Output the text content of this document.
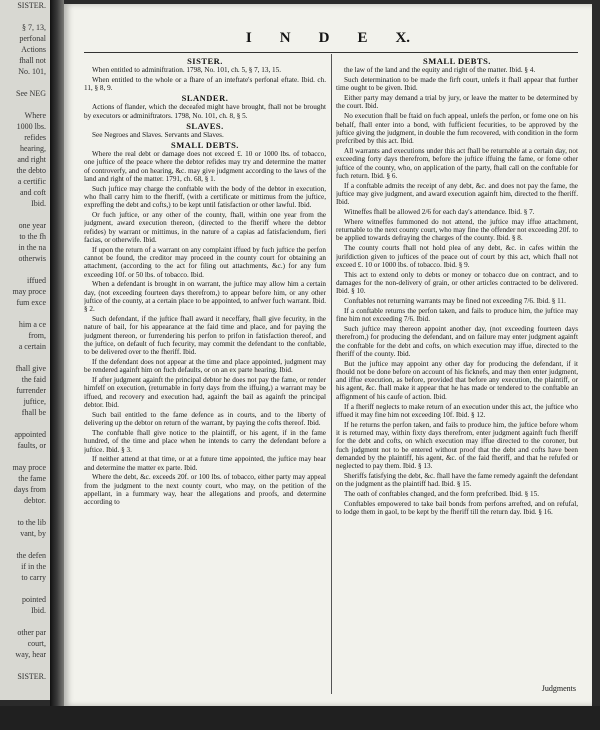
SISTER.

§ 7, 13,
perfonal
Actions
fhall not
No. 101,

See NEG

Where
1000 lbs.
refides
hearing,
and right
the debto
a certific
and coft
Ibid.

one year
to the fh
in the na
otherwis

iffued
may proce
fum exce

him a ce
from,
a certain

fhall give
the faid
furrender
juftice,
fhall be

appointed
faults, or

may proce
the fame
days from
debtor.

to the lib
vant, by

the defen
if in the
to carry

pointed
Ibid.

other par
court,
way, hear

SISTER.
I N D E X.
SISTER.

When entitled to adminiftration. 1798, No. 101, ch. 5, § 7, 13, 15.

When entitled to the whole or a fhare of an inteftate's perfonal eftate. Ibid. ch. 11, § 8, 9.

SLANDER.

Actions of flander, which the deceafed might have brought, fhall not be brought by executors or adminiftrators. 1798, No. 101, ch. 8, § 5.

SLAVES.

See Negroes and Slaves. Servants and Slaves.

SMALL DEBTS.

Where the real debt or damage does not exceed £. 10 or 1000 lbs. of tobacco, one juftice of the peace where the debtor refides may try and determine the matter of controverfy, and on hearing, &c. may give judgment according to the laws of the land and right of the matter. 1791, ch. 68, § 1.

Such juftice may charge the conftable with the body of the debtor in execution, who fhall carry him to the fheriff, (with a certificate or mittimus from the juftice, expreffing the debt and cofts,) to be kept until fatisfaction or other lawful. Ibid.

Or fuch juftice, or any other of the county, fhall, within one year from the judgment, award execution thereon, (directed to the fheriff where the debtor refides) by warrant or mittimus, in the nature of a capias ad fatisfaciendum, fieri facias, or otherwife. Ibid.

If upon the return of a warrant on any complaint iffued by fuch juftice the perfon cannot be found, the creditor may proceed in the county court for obtaining an attachment, (according to the act for filing out attachments, &c.) for any fum exceeding 10f. or 50 lbs. of tobacco. Ibid.

When a defendant is brought in on warrant, the juftice may allow him a certain day, (not exceeding fourteen days therefrom,) to appear before him, or any other juftice of the county, at a certain place to be appointed, to anfwer fuch warrant. Ibid. § 2.

Such defendant, if the juftice fhall award it neceffary, fhall give fecurity, in the nature of bail, for his appearance at the faid time and place, and for paying the judgment thereon, or furrendering his perfon to prifon in fatisfaction thereof, and the juftice, on default of fuch fecurity, may commit the defendant to the conftable, to be delivered over to the fheriff. Ibid.

If the defendant does not appear at the time and place appointed, judgment may be rendered againft him on fuch defaults, or on an ex parte hearing. Ibid.

If after judgment againft the principal debtor he does not pay the fame, or render himfelf on execution, (returnable in forty days from the iffuing,) a warrant may be iffued, and recovery and execution had, againft the bail as againft the principal debtor. Ibid.

Such bail entitled to the fame defence as in courts, and to the liberty of delivering up the debtor on return of the warrant, by paying the cofts thereof. Ibid.

The conftable fhall give notice to the plaintiff, or his agent, if in the fame hundred, of the time and place when he intends to carry the defendant before a juftice. Ibid. § 3.

If neither attend at that time, or at a future time appointed, the juftice may hear and determine the matter ex parte. Ibid.

Where the debt, &c. exceeds 20f. or 100 lbs. of tobacco, either party may appeal from the judgment to the next county court, who may, on the petition of the appellant, in a fummary way, hear the allegations and proofs, and determine according to

SMALL DEBTS.

the law of the land and the equity and right of the matter. Ibid. § 4.

Such determination to be made the firft court, unlefs it fhall appear that further time ought to be given. Ibid.

Either party may demand a trial by jury, or leave the matter to be determined by the court. Ibid.

No execution fhall be ftaid on fuch appeal, unlefs the perfon, or fome one on his behalf, fhall enter into a bond, with fufficient fecurities, to be approved by the juftice giving the judgment, in double the fum recovered, with condition in the form prefcribed by this act. Ibid.

All warrants and executions under this act fhall be returnable at a certain day, not exceeding forty days therefrom, before the juftice iffuing the fame, or fome other juftice of the county, who, on application of the party, fhall call on the conftable for fuch return. Ibid. § 6.

If a conftable admits the receipt of any debt, &c. and does not pay the fame, the juftice may give judgment, and award execution againft him, directed to the fheriff. Ibid.

Witneffes fhall be allowed 2/6 for each day's attendance. Ibid. § 7.

Where witneffes fummoned do not attend, the juftice may iffue attachment, returnable to the next county court, who may fine the offender not exceeding 20f. to be applied towards defraying the charges of the county. Ibid. § 8.

The county courts fhall not hold plea of any debt, &c. in cafes within the jurifdiction given to juftices of the peace out of court by this act, which fhall not exceed £. 10 or 1000 lbs. of tobacco. Ibid. § 9.

This act to extend only to debts or money or tobacco due on contract, and to damages for the non-delivery of grain, or other articles contracted to be delivered. Ibid. § 10.

Conftables not returning warrants may be fined not exceeding 7/6. Ibid. § 11.

If a conftable returns the perfon taken, and fails to produce him, the juftice may fine him not exceeding 7/6. Ibid.

Such juftice may thereon appoint another day, (not exceeding fourteen days therefrom,) for producing the defendant, and on failure may enter judgment againft the conftable for the debt and cofts, on which execution may iffue, directed to the fheriff of the county. Ibid.

But the juftice may appoint any other day for producing the defendant, if it fhould not be done before on account of his ficknefs, and may then enter judgment, and iffue execution, as before, provided that before any execution, the plaintiff, or his agent, &c. fhall make it appear that he has made or tendered to the conftable an affignment of his caufe of action. Ibid.

If a fheriff neglects to make return of an execution under this act, the juftice who iffued it may fine him not exceeding 10f. Ibid. § 12.

If he returns the perfon taken, and fails to produce him, the juftice before whom it is returned may, within fixty days therefrom, enter judgment againft fuch fheriff for the debt and cofts, on which execution may iffue directed to the coroner, but fuch judgment not to be entered without proof that the debt and cofts have been demanded by the plaintiff, his agent, &c. of the faid fheriff, and that he refufed or neglected to pay them. Ibid. § 13.

Sheriffs fatisfying the debt, &c. fhall have the fame remedy againft the defendant on the judgment as the plaintiff had. Ibid. § 15.

The oath of conftables changed, and the form prefcribed. Ibid. § 15.

Conftables empowered to take bail bonds from perfons arrefted, and on refufal, to lodge them in gaol, to be kept by the fheriff till the return day. Ibid. § 16.

Judgments
